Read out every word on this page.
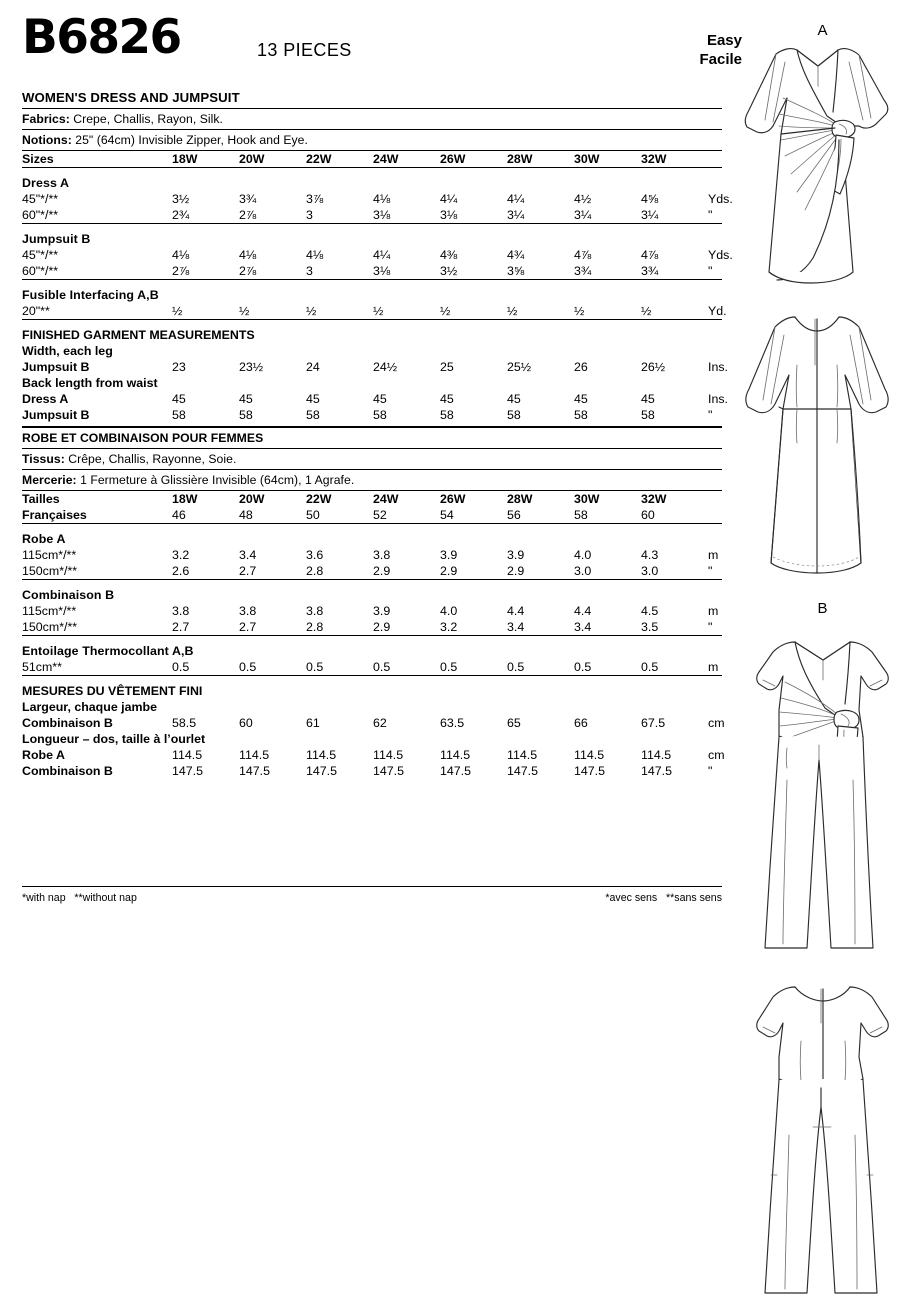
B6826	13 PIECES	Easy
Facile
WOMEN'S DRESS AND JUMPSUIT
Fabrics: Crepe, Challis, Rayon, Silk.
Notions: 25" (64cm) Invisible Zipper, Hook and Eye.
Sizes	18W	20W	22W	24W	26W	28W	30W	32W	

Dress A									
45"*/**	3½	3¾	3⅞	4⅛	4¼	4¼	4½	4⅝	Yds.
60"*/**	2¾	2⅞	3	3⅛	3⅛	3¼	3¼	3¼	"

Jumpsuit B									
45"*/**	4⅛	4⅛	4⅛	4¼	4⅜	4¾	4⅞	4⅞	Yds.
60"*/**	2⅞	2⅞	3	3⅛	3½	3⅝	3¾	3¾	"

Fusible Interfacing A,B									
20"**	½	½	½	½	½	½	½	½	Yd.

FINISHED GARMENT MEASUREMENTS									
Width, each leg									
Jumpsuit B	23	23½	24	24½	25	25½	26	26½	Ins.
Back length from waist									
Dress A	45	45	45	45	45	45	45	45	Ins.
Jumpsuit B	58	58	58	58	58	58	58	58	"
ROBE ET COMBINAISON POUR FEMMES
Tissus: Crêpe, Challis, Rayonne, Soie.
Mercerie: 1 Fermeture à Glissière Invisible (64cm), 1 Agrafe.
Tailles	18W	20W	22W	24W	26W	28W	30W	32W	
Françaises	46	48	50	52	54	56	58	60	

Robe A									
115cm*/**	3.2	3.4	3.6	3.8	3.9	3.9	4.0	4.3	m
150cm*/**	2.6	2.7	2.8	2.9	2.9	2.9	3.0	3.0	"

Combinaison B									
115cm*/**	3.8	3.8	3.8	3.9	4.0	4.4	4.4	4.5	m
150cm*/**	2.7	2.7	2.8	2.9	3.2	3.4	3.4	3.5	"

Entoilage Thermocollant A,B									
51cm**	0.5	0.5	0.5	0.5	0.5	0.5	0.5	0.5	m

MESURES DU VÊTEMENT FINI									
Largeur, chaque jambe									
Combinaison B	58.5	60	61	62	63.5	65	66	67.5	cm
Longueur – dos, taille à l’ourlet									
Robe A	114.5	114.5	114.5	114.5	114.5	114.5	114.5	114.5	cm
Combinaison B	147.5	147.5	147.5	147.5	147.5	147.5	147.5	147.5	"
*with nap   **without nap	*avec sens   **sans sens
A
B
